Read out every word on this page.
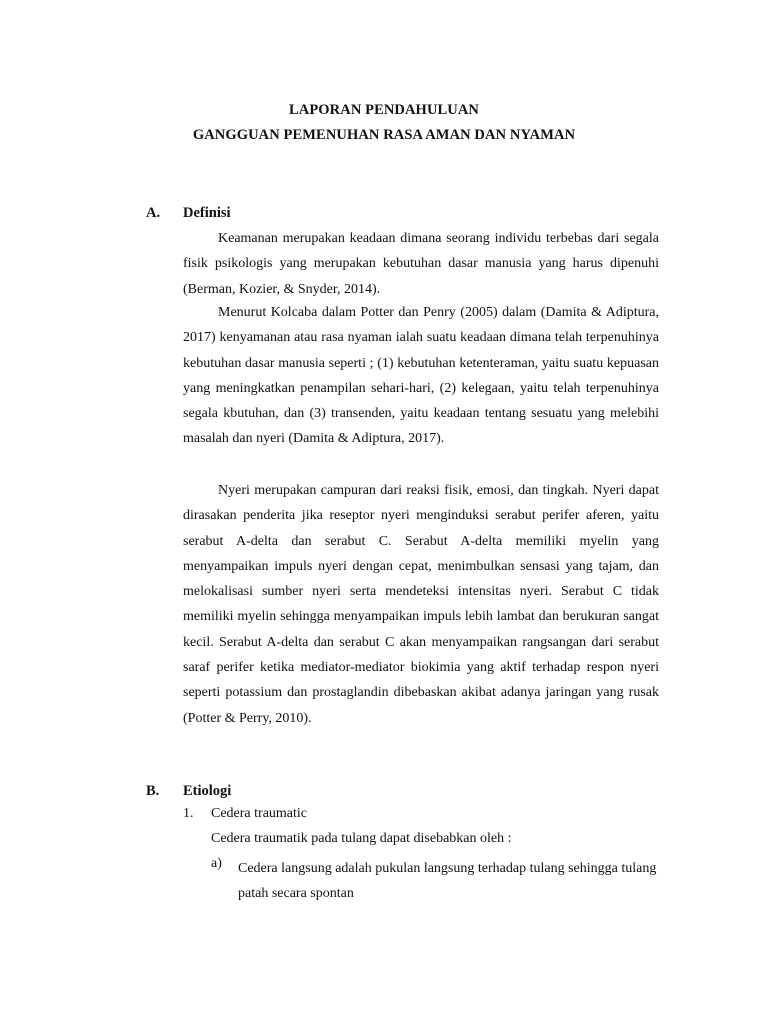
LAPORAN PENDAHULUAN
GANGGUAN PEMENUHAN RASA AMAN DAN NYAMAN
A. Definisi

Keamanan merupakan keadaan dimana seorang individu terbebas dari segala fisik psikologis yang merupakan kebutuhan dasar manusia yang harus dipenuhi (Berman, Kozier, & Snyder, 2014).

Menurut Kolcaba dalam Potter dan Penry (2005) dalam (Damita & Adiptura, 2017) kenyamanan atau rasa nyaman ialah suatu keadaan dimana telah terpenuhinya kebutuhan dasar manusia seperti ; (1) kebutuhan ketenteraman, yaitu suatu kepuasan yang meningkatkan penampilan sehari-hari, (2) kelegaan, yaitu telah terpenuhinya segala kbutuhan, dan (3) transenden, yaitu keadaan tentang sesuatu yang melebihi masalah dan nyeri (Damita & Adiptura, 2017).

Nyeri merupakan campuran dari reaksi fisik, emosi, dan tingkah. Nyeri dapat dirasakan penderita jika reseptor nyeri menginduksi serabut perifer aferen, yaitu serabut A-delta dan serabut C. Serabut A-delta memiliki myelin yang menyampaikan impuls nyeri dengan cepat, menimbulkan sensasi yang tajam, dan melokalisasi sumber nyeri serta mendeteksi intensitas nyeri. Serabut C tidak memiliki myelin sehingga menyampaikan impuls lebih lambat dan berukuran sangat kecil. Serabut A-delta dan serabut C akan menyampaikan rangsangan dari serabut saraf perifer ketika mediator-mediator biokimia yang aktif terhadap respon nyeri seperti potassium dan prostaglandin dibebaskan akibat adanya jaringan yang rusak (Potter & Perry, 2010).

B. Etiologi
1. Cedera traumatic
Cedera traumatik pada tulang dapat disebabkan oleh :
a) Cedera langsung adalah pukulan langsung terhadap tulang sehingga tulang patah secara spontan
